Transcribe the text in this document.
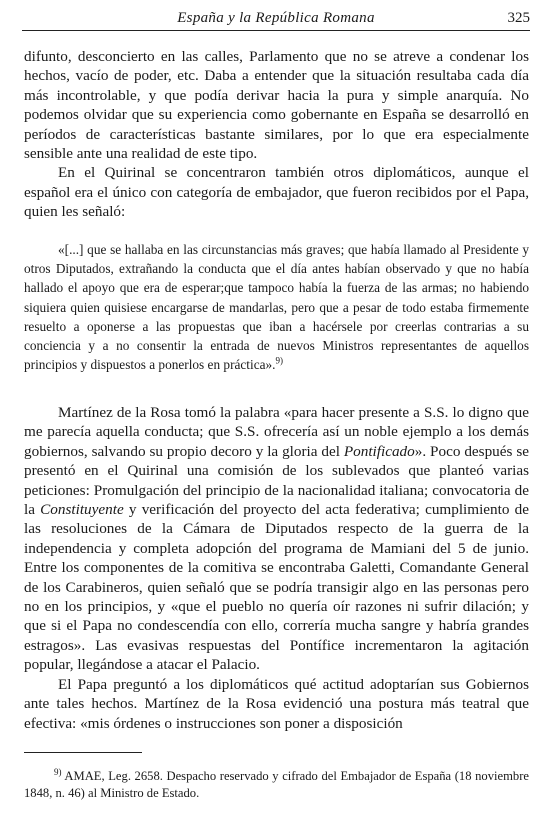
España y la República Romana	325

difunto, desconcierto en las calles, Parlamento que no se atreve a condenar los hechos, vacío de poder, etc. Daba a entender que la situación resultaba cada día más incontrolable, y que podía derivar hacia la pura y simple anarquía. No podemos olvidar que su experiencia como gobernante en España se desarrolló en períodos de características bastante similares, por lo que era especialmente sensible ante una realidad de este tipo.

En el Quirinal se concentraron también otros diplomáticos, aunque el español era el único con categoría de embajador, que fueron recibidos por el Papa, quien les señaló:

«[...] que se hallaba en las circunstancias más graves; que había llamado al Presidente y otros Diputados, extrañando la conducta que el día antes habían observado y que no había hallado el apoyo que era de esperar;que tampoco había la fuerza de las armas; no habiendo siquiera quien quisiese encargarse de mandarlas, pero que a pesar de todo estaba firmemente resuelto a oponerse a las propuestas que iban a hacérsele por creerlas contrarias a su conciencia y a no consentir la entrada de nuevos Ministros representantes de aquellos principios y dispuestos a ponerlos en práctica».$^{9)}$

Martínez de la Rosa tomó la palabra «para hacer presente a S.S. lo digno que me parecía aquella conducta; que S.S. ofrecería así un noble ejemplo a los demás gobiernos, salvando su propio decoro y la gloria del Pontificado». Poco después se presentó en el Quirinal una comisión de los sublevados que planteó varias peticiones: Promulgación del principio de la nacionalidad italiana; convocatoria de la Constituyente y verificación del proyecto del acta federativa; cumplimiento de las resoluciones de la Cámara de Diputados respecto de la guerra de la independencia y completa adopción del programa de Mamiani del 5 de junio. Entre los componentes de la comitiva se encontraba Galetti, Comandante General de los Carabineros, quien señaló que se podría transigir algo en las personas pero no en los principios, y «que el pueblo no quería oír razones ni sufrir dilación; y que si el Papa no condescendía con ello, correría mucha sangre y habría grandes estragos». Las evasivas respuestas del Pontífice incrementaron la agitación popular, llegándose a atacar el Palacio.

El Papa preguntó a los diplomáticos qué actitud adoptarían sus Gobiernos ante tales hechos. Martínez de la Rosa evidenció una postura más teatral que efectiva: «mis órdenes o instrucciones son poner a disposición

$^{9)}$ AMAE, Leg. 2658. Despacho reservado y cifrado del Embajador de España (18 noviembre 1848, n. 46) al Ministro de Estado.
